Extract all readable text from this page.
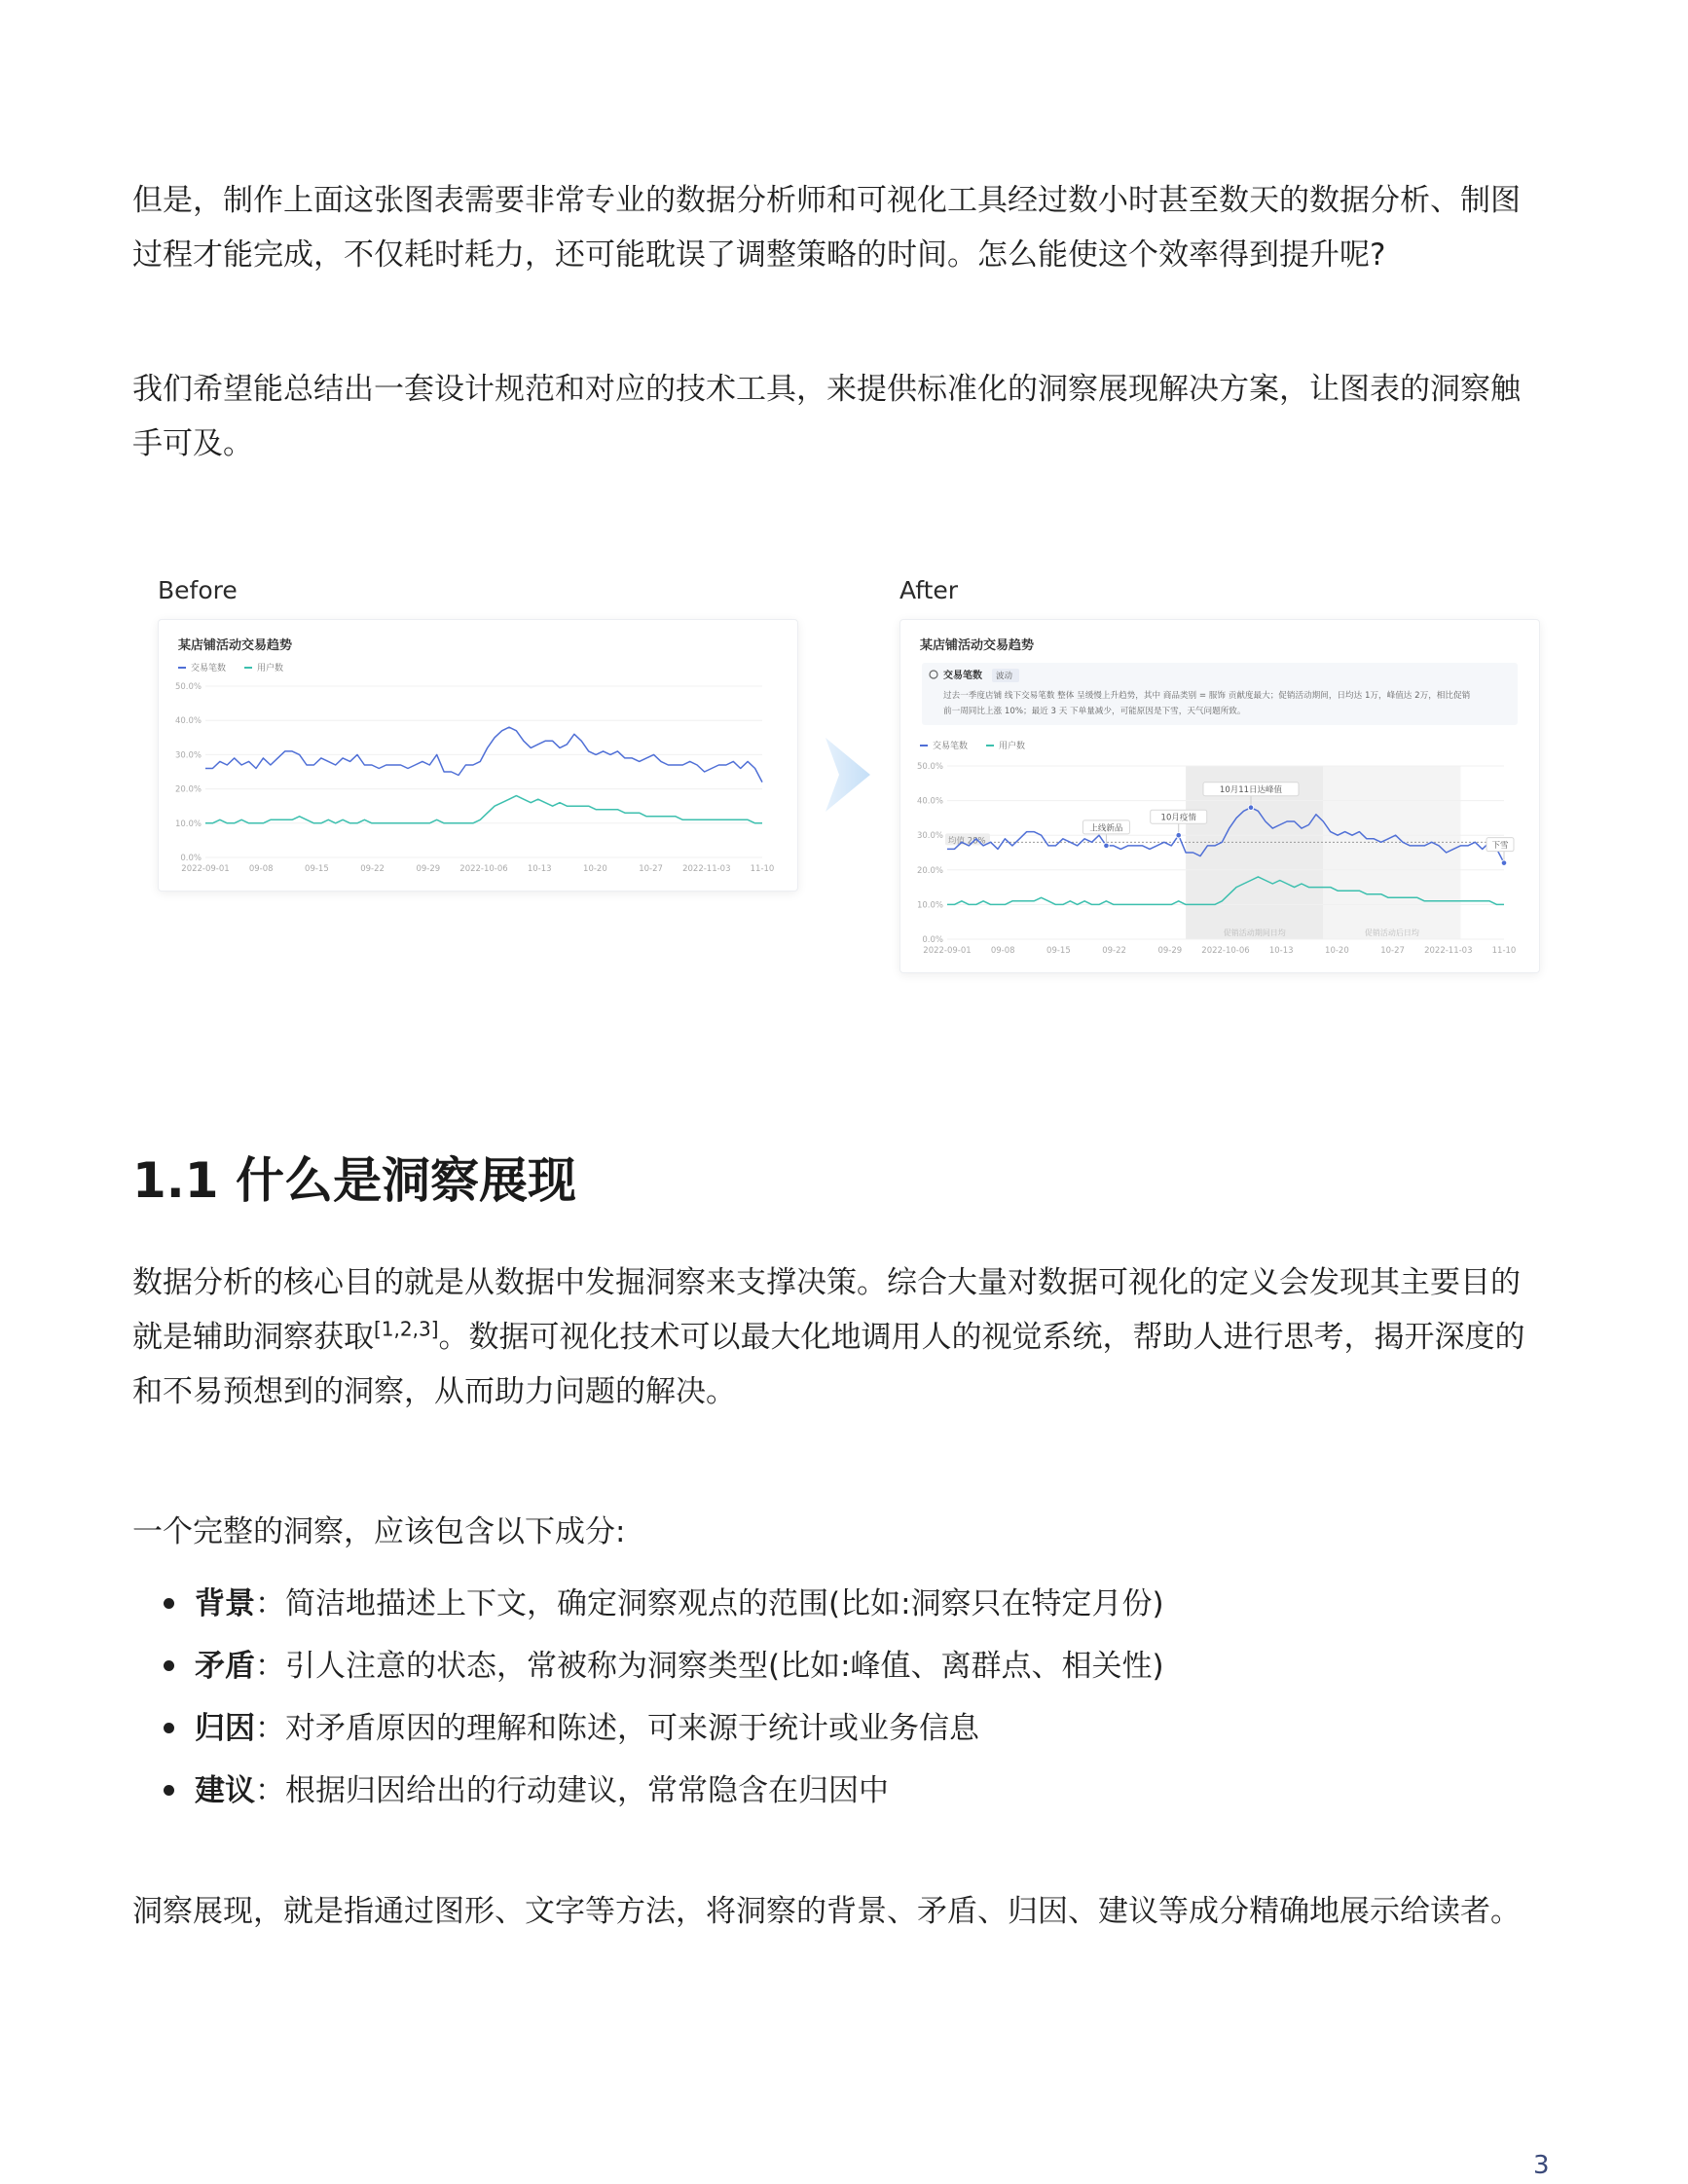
但是，制作上面这张图表需要非常专业的数据分析师和可视化工具经过数小时甚至数天的数据分析、制图过程才能完成，不仅耗时耗力，还可能耽误了调整策略的时间。怎么能使这个效率得到提升呢?

我们希望能总结出一套设计规范和对应的技术工具，来提供标准化的洞察展现解决方案，让图表的洞察触手可及。

Before	After
某店铺活动交易趋势
交易笔数	用户数
50.0%
40.0%
30.0%
20.0%
10.0%
0.0%
2022-09-01 09-08	09-15	09-22	09-29 2022-10-06 10-13	10-20	10-27 2022-11-03 11-10
某店铺活动交易趋势
交易笔数 波动
过去一季度店铺 线下交易笔数 整体 呈缓慢上升趋势，其中 商品类别 = 服饰 贡献度最大；促销活动期间，日均达 1万，峰值达 2万，相比促销
前一周同比上涨 10%；最近 3 天 下单量减少，可能原因是下雪，天气问题所致。
交易笔数	用户数
促销活动期间日均	促销活动后日均
50.0%
40.0%
30.0%
20.0%
10.0%
0.0%
2022-09-01 09-08	09-15	09-22	09-29 2022-10-06 10-13	10-20	10-27 2022-11-03 11-10
均值 28%
上线新品
10月疫情
10月11日达峰值
下雪
1.1 什么是洞察展现

数据分析的核心目的就是从数据中发掘洞察来支撑决策。综合大量对数据可视化的定义会发现其主要目的就是辅助洞察获取[1,2,3]。数据可视化技术可以最大化地调用人的视觉系统，帮助人进行思考，揭开深度的和不易预想到的洞察，从而助力问题的解决。

一个完整的洞察，应该包含以下成分:

背景：简洁地描述上下文，确定洞察观点的范围(比如:洞察只在特定月份)
矛盾：引人注意的状态，常被称为洞察类型(比如:峰值、离群点、相关性)
归因：对矛盾原因的理解和陈述，可来源于统计或业务信息
建议：根据归因给出的行动建议，常常隐含在归因中

洞察展现，就是指通过图形、文字等方法，将洞察的背景、矛盾、归因、建议等成分精确地展示给读者。

3
